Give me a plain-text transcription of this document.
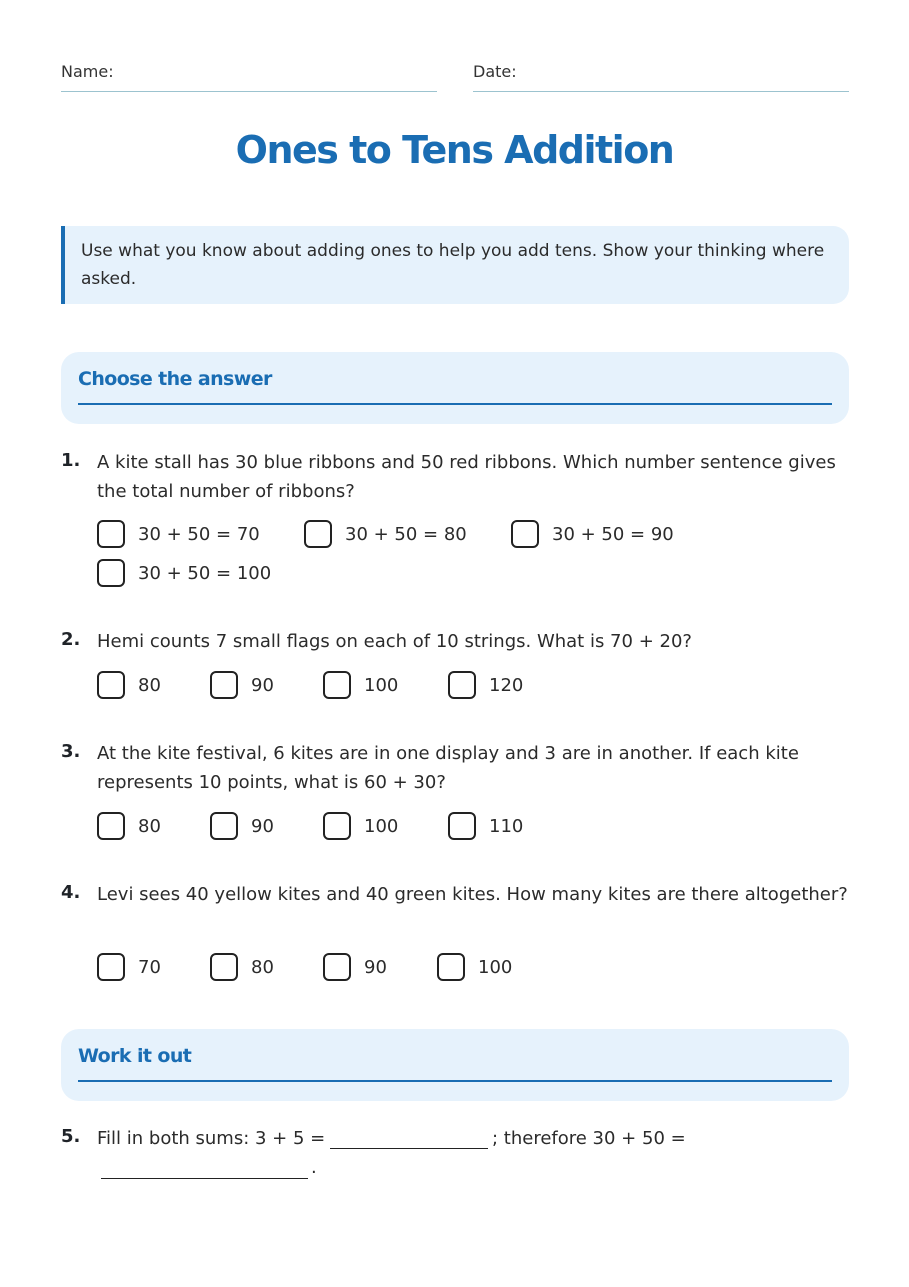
Name:	Date:
Ones to Tens Addition
Use what you know about adding ones to help you add tens. Show your thinking where asked.
Choose the answer
1. A kite stall has 30 blue ribbons and 50 red ribbons. Which number sentence gives the total number of ribbons?
30 + 50 = 70	30 + 50 = 80	30 + 50 = 90
30 + 50 = 100
2. Hemi counts 7 small flags on each of 10 strings. What is 70 + 20?
80	90	100	120
3. At the kite festival, 6 kites are in one display and 3 are in another. If each kite represents 10 points, what is 60 + 30?
80	90	100	110
4. Levi sees 40 yellow kites and 40 green kites. How many kites are there altogether?
70	80	90	100
Work it out
5. Fill in both sums: 3 + 5 =	; therefore 30 + 50 =
.
